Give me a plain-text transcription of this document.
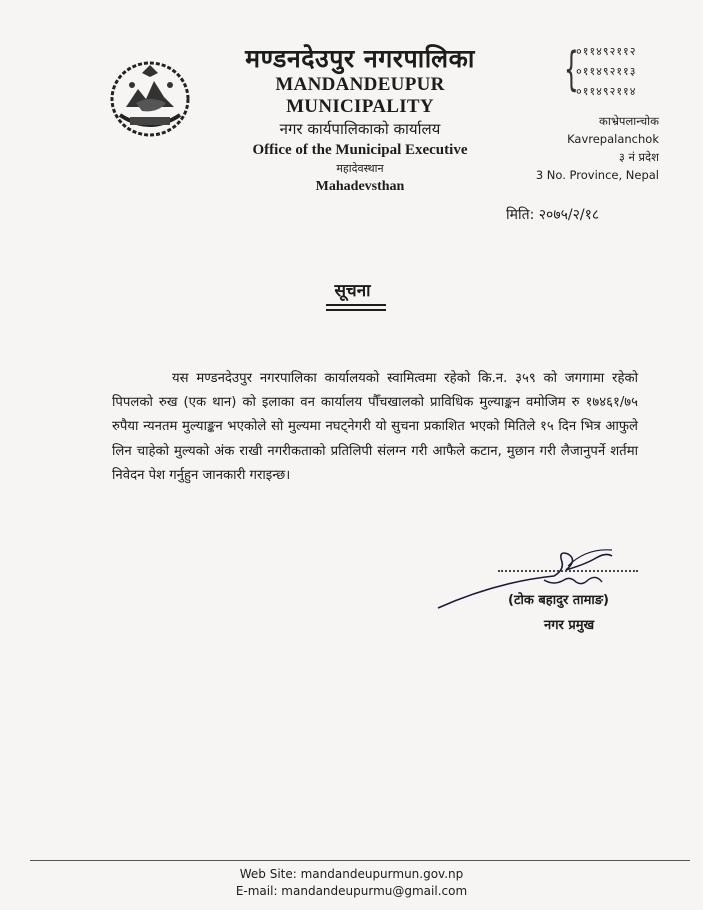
मण्डनदेउपुर नगरपालिका
MANDANDEUPUR MUNICIPALITY
नगर कार्यपालिकाको कार्यालय
Office of the Municipal Executive
महादेवस्थान
Mahadevsthan
{
०११४९२११२
०११४९२११३
०११४९२११४
काभ्रेपलान्चोक
Kavrepalanchok
३ नं प्रदेश
3 No. Province, Nepal
मिति: २०७५/२/१८
सूचना
यस मण्डनदेउपुर नगरपालिका कार्यालयको स्वामित्वमा रहेको कि.न. ३५९ को जगगामा रहेको पिपलको रुख (एक थान) को इलाका वन कार्यालय पौँचखालको प्राविधिक मुल्याङ्कन वमोजिम रु १७४६१/७५ रुपैया न्यनतम मुल्याङ्कन भएकोले सो मुल्यमा नघट्नेगरी यो सुचना प्रकाशित भएको मितिले १५ दिन भित्र आफुले लिन चाहेको मुल्यको अंक राखी नगरीकताको प्रतिलिपी संलग्न गरी आफैले कटान, मुछान गरी लैजानुपर्ने शर्तमा निवेदन पेश गर्नुहुन जानकारी गराइन्छ।
(टोक बहादुर तामाङ)
नगर प्रमुख
Web Site: mandandeupurmun.gov.np
E-mail: mandandeupurmu@gmail.com
